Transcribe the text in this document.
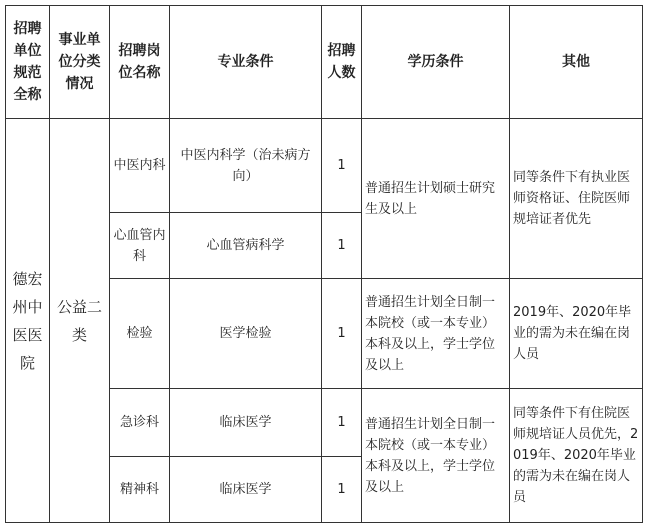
招聘单位规范全称	事业单位分类情况	招聘岗位名称	专业条件	招聘人数	学历条件	其他
德宏州中医医院	公益二类	中医内科	中医内科学（治未病方向）	1	普通招生计划硕士研究生及以上	同等条件下有执业医师资格证、住院医师规培证者优先
		心血管内科	心血管病科学	1		
		检验	医学检验	1	普通招生计划全日制一本院校（或一本专业）本科及以上，学士学位及以上	2019年、2020年毕业的需为未在编在岗人员
		急诊科	临床医学	1	普通招生计划全日制一本院校（或一本专业）本科及以上，学士学位及以上	同等条件下有住院医师规培证人员优先，2019年、2020年毕业的需为未在编在岗人员
		精神科	临床医学	1		
